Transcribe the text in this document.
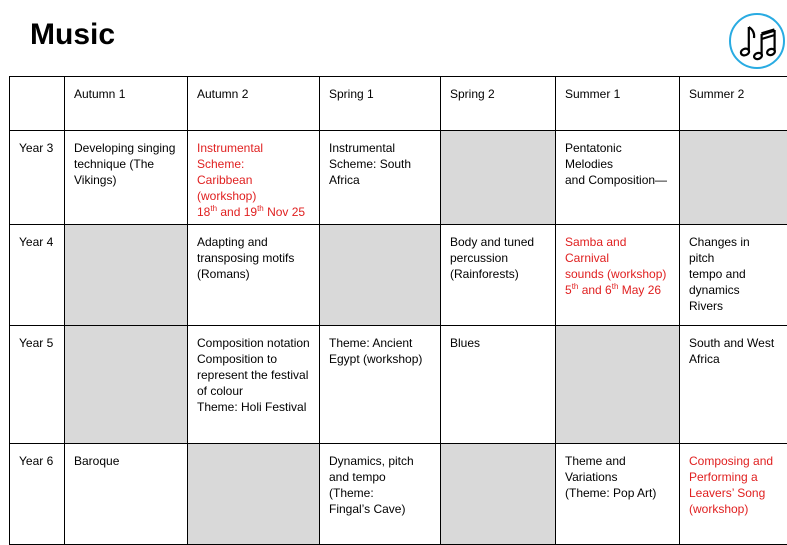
Music
	Autumn 1	Autumn 2	Spring 1	Spring 2	Summer 1	Summer 2
Year 3	Developing singing
technique (The
Vikings)	Instrumental Scheme:
Caribbean (workshop)
18th and 19th Nov 25	Instrumental
Scheme: South
Africa		Pentatonic Melodies
and Composition—	

Year 4		Adapting and
transposing motifs
(Romans)		Body and tuned
percussion
(Rainforests)	Samba and Carnival
sounds (workshop)
5th and 6th May 26	Changes in pitch
tempo and
dynamics
Rivers

Year 5		Composition notation
Composition to
represent the festival
of colour
Theme: Holi Festival	Theme: Ancient
Egypt (workshop)	Blues		South and West
Africa

Year 6	Baroque		Dynamics, pitch
and tempo (Theme:
Fingal’s Cave)		Theme and
Variations
(Theme: Pop Art)	Composing and
Performing a
Leavers’ Song
(workshop)
